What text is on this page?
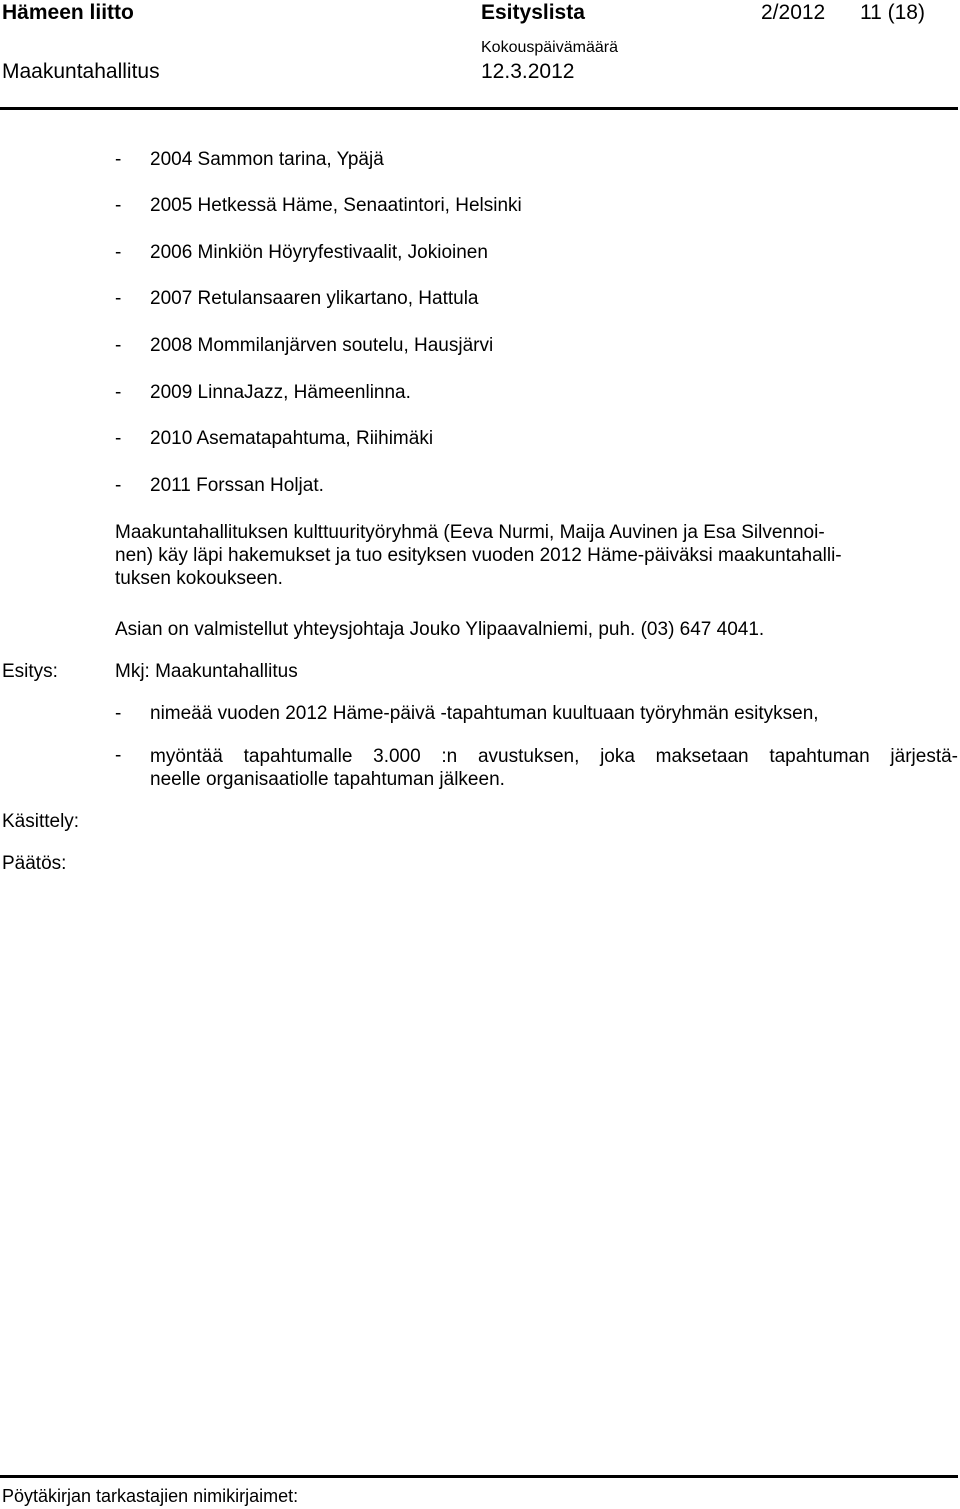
Hämeen liitto	Esityslista	2/2012 11 (18)
Kokouspäivämäärä
Maakuntahallitus	12.3.2012
- 2004 Sammon tarina, Ypäjä
- 2005 Hetkessä Häme, Senaatintori, Helsinki
- 2006 Minkiön Höyryfestivaalit, Jokioinen
- 2007 Retulansaaren ylikartano, Hattula
- 2008 Mommilanjärven soutelu, Hausjärvi
- 2009 LinnaJazz, Hämeenlinna.
- 2010 Asematapahtuma, Riihimäki
- 2011 Forssan Holjat.
Maakuntahallituksen kulttuurityöryhmä (Eeva Nurmi, Maija Auvinen ja Esa Silvennoi-
nen) käy läpi hakemukset ja tuo esityksen vuoden 2012 Häme-päiväksi maakuntahalli-
tuksen kokoukseen.
Asian on valmistellut yhteysjohtaja Jouko Ylipaavalniemi, puh. (03) 647 4041.
Esitys:	Mkj: Maakuntahallitus
- nimeää vuoden 2012 Häme-päivä -tapahtuman kuultuaan työryhmän esityksen,
- myöntää tapahtumalle 3.000 :n avustuksen, joka maksetaan tapahtuman järjestä-
neelle organisaatiolle tapahtuman jälkeen.
Käsittely:
Päätös:
Pöytäkirjan tarkastajien nimikirjaimet:
